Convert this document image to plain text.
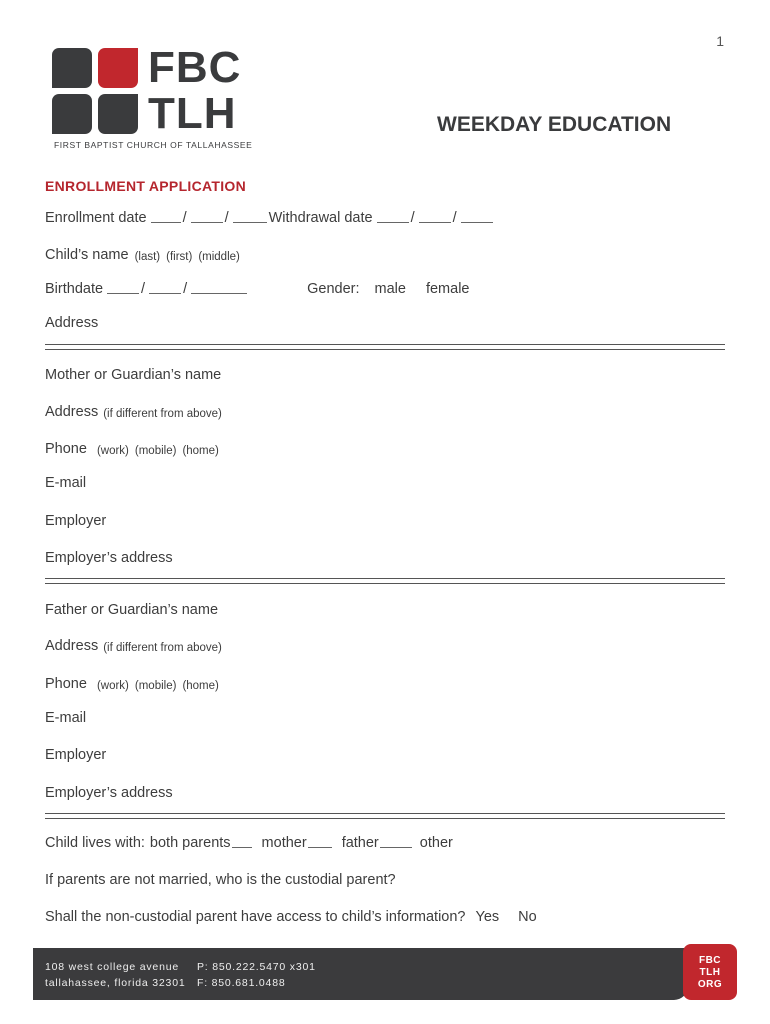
1
FBC
TLH
FIRST BAPTIST CHURCH OF TALLAHASSEE
WEEKDAY EDUCATION
ENROLLMENT APPLICATION
Enrollment date /	/	Withdrawal date	/	/
Child’s name (last) (first) (middle)
Birthdate	/	/	Gender: male female
Address
Mother or Guardian’s name
Address (if different from above)
Phone (work) (mobile) (home)
E-mail
Employer
Employer’s address
Father or Guardian’s name
Address (if different from above)
Phone (work) (mobile) (home)
E-mail
Employer
Employer’s address
Child lives with: both parents mother father	other
If parents are not married, who is the custodial parent?
Shall the non-custodial parent have access to child’s information? Yes No
108 west college avenue
tallahassee, florida 32301
P: 850.222.5470 x301
F: 850.681.0488
FBC
TLH
ORG
